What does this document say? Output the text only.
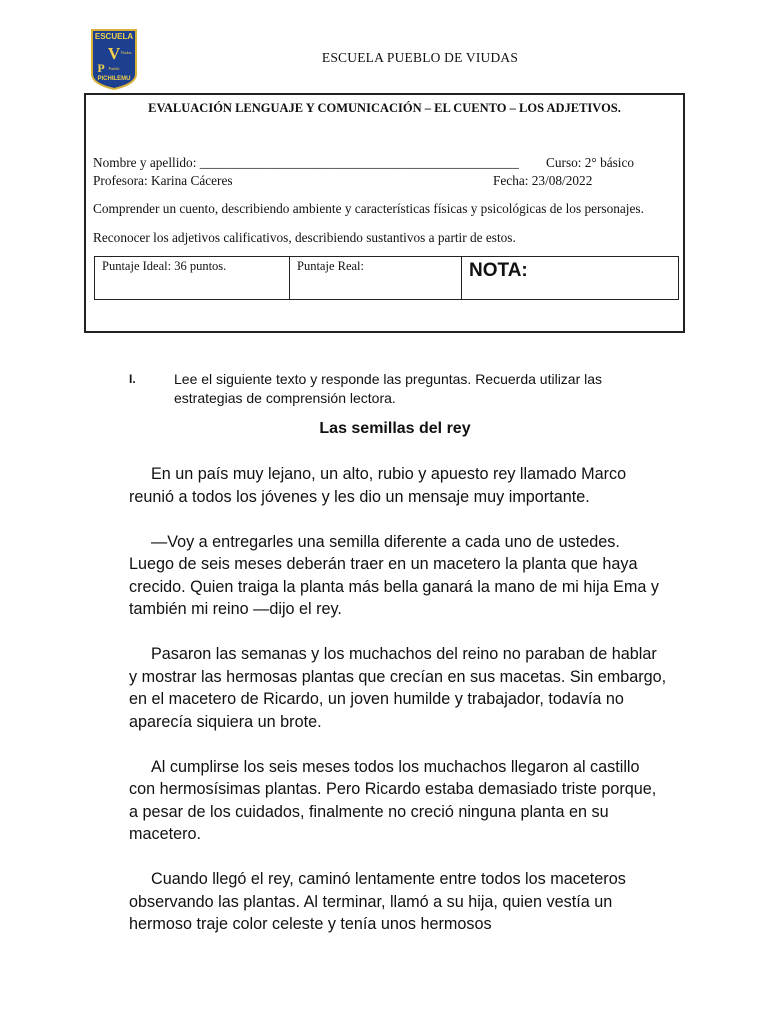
ESCUELA
V Viudas
P Pueblo
PICHILEMU
ESCUELA PUEBLO DE VIUDAS
EVALUACIÓN LENGUAJE Y COMUNICACIÓN – EL CUENTO – LOS ADJETIVOS.
Nombre y apellido: ________________________________________________ Curso: 2° básico
Profesora: Karina Cáceres	Fecha: 23/08/2022
Comprender un cuento, describiendo ambiente y características físicas y psicológicas de los personajes.
Reconocer los adjetivos calificativos, describiendo sustantivos a partir de estos.
Puntaje Ideal: 36 puntos.	Puntaje Real:	NOTA:
I.	Lee el siguiente texto y responde las preguntas. Recuerda utilizar las estrategias de comprensión lectora.
Las semillas del rey

En un país muy lejano, un alto, rubio y apuesto rey llamado Marco reunió a todos los jóvenes y les dio un mensaje muy importante.

—Voy a entregarles una semilla diferente a cada uno de ustedes. Luego de seis meses deberán traer en un macetero la planta que haya crecido. Quien traiga la planta más bella ganará la mano de mi hija Ema y también mi reino —dijo el rey.

Pasaron las semanas y los muchachos del reino no paraban de hablar y mostrar las hermosas plantas que crecían en sus macetas. Sin embargo, en el macetero de Ricardo, un joven humilde y trabajador, todavía no aparecía siquiera un brote.

Al cumplirse los seis meses todos los muchachos llegaron al castillo con hermosísimas plantas. Pero Ricardo estaba demasiado triste porque, a pesar de los cuidados, finalmente no creció ninguna planta en su macetero.

Cuando llegó el rey, caminó lentamente entre todos los maceteros observando las plantas. Al terminar, llamó a su hija, quien vestía un hermoso traje color celeste y tenía unos hermosos
